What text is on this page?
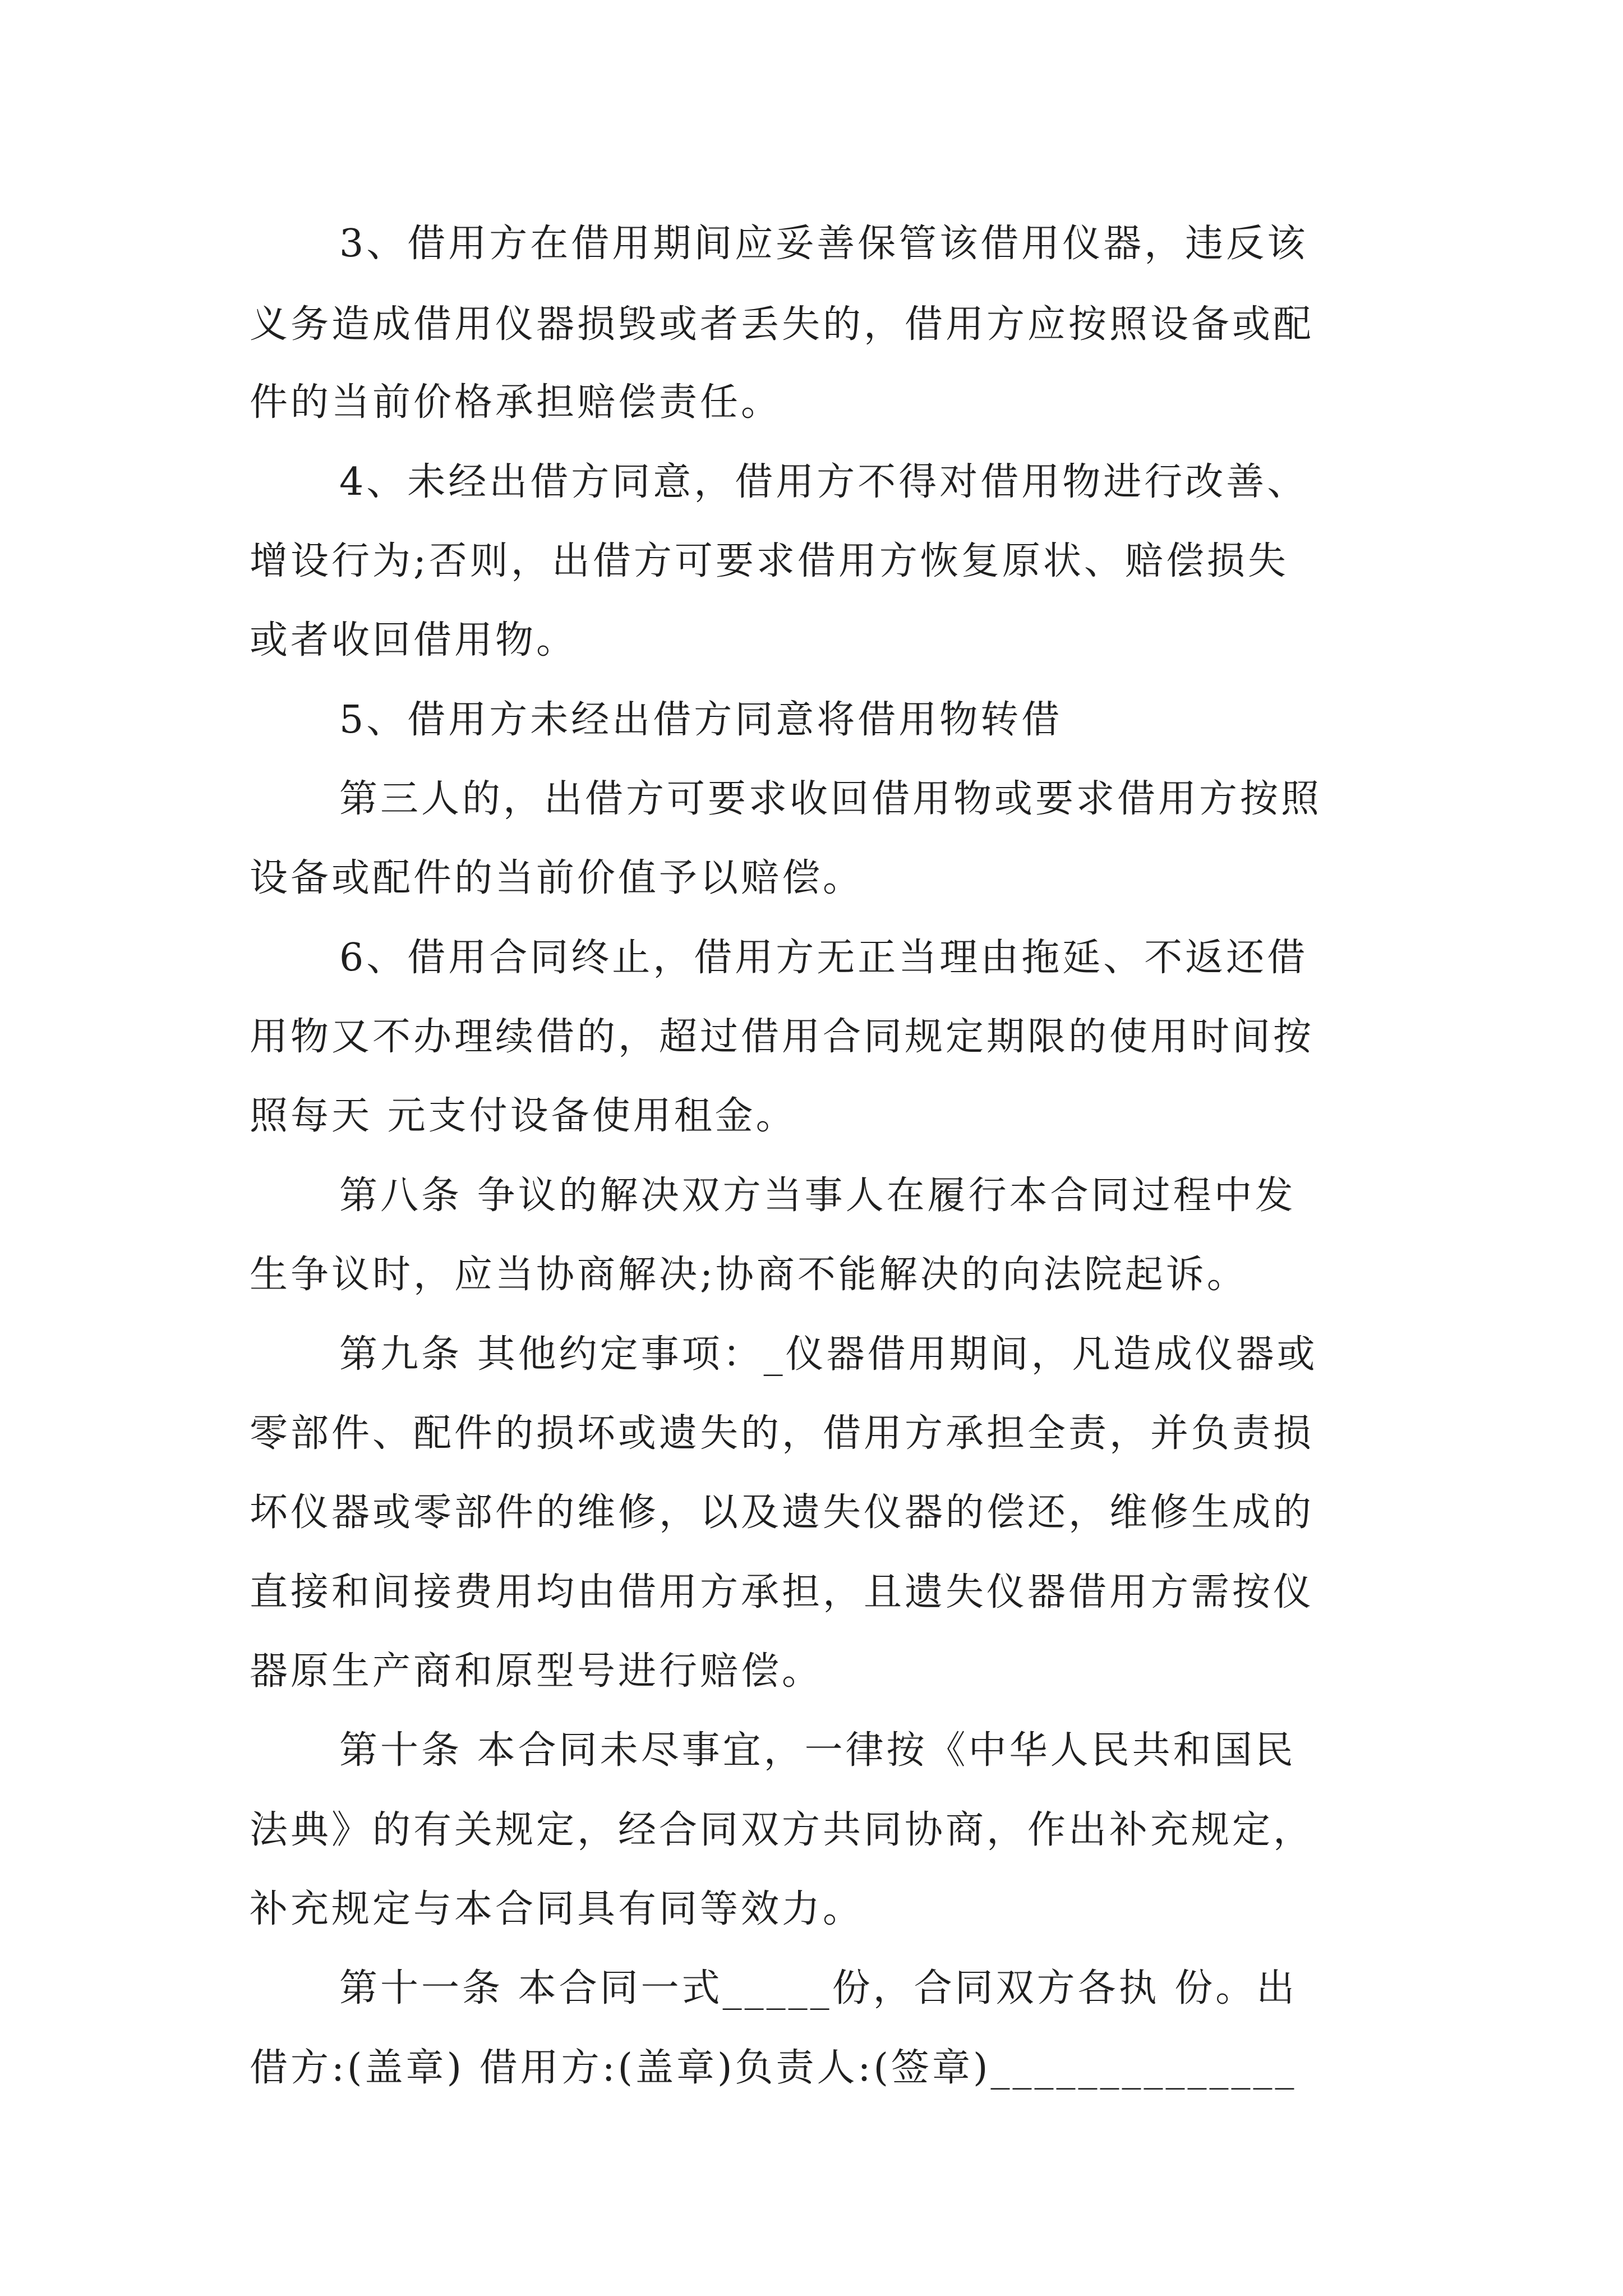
3、借用方在借用期间应妥善保管该借用仪器，违反该
义务造成借用仪器损毁或者丢失的，借用方应按照设备或配
件的当前价格承担赔偿责任。
4、未经出借方同意，借用方不得对借用物进行改善、
增设行为;否则，出借方可要求借用方恢复原状、赔偿损失
或者收回借用物。
5、借用方未经出借方同意将借用物转借
第三人的，出借方可要求收回借用物或要求借用方按照
设备或配件的当前价值予以赔偿。
6、借用合同终止，借用方无正当理由拖延、不返还借
用物又不办理续借的，超过借用合同规定期限的使用时间按
照每天 元支付设备使用租金。
第八条 争议的解决双方当事人在履行本合同过程中发
生争议时，应当协商解决;协商不能解决的向法院起诉。
第九条 其他约定事项：_仪器借用期间，凡造成仪器或
零部件、配件的损坏或遗失的，借用方承担全责，并负责损
坏仪器或零部件的维修，以及遗失仪器的偿还，维修生成的
直接和间接费用均由借用方承担，且遗失仪器借用方需按仪
器原生产商和原型号进行赔偿。
第十条 本合同未尽事宜，一律按《中华人民共和国民
法典》的有关规定，经合同双方共同协商，作出补充规定，
补充规定与本合同具有同等效力。
第十一条 本合同一式_____份，合同双方各执 份。出
借方:(盖章) 借用方:(盖章)负责人:(签章)______________
